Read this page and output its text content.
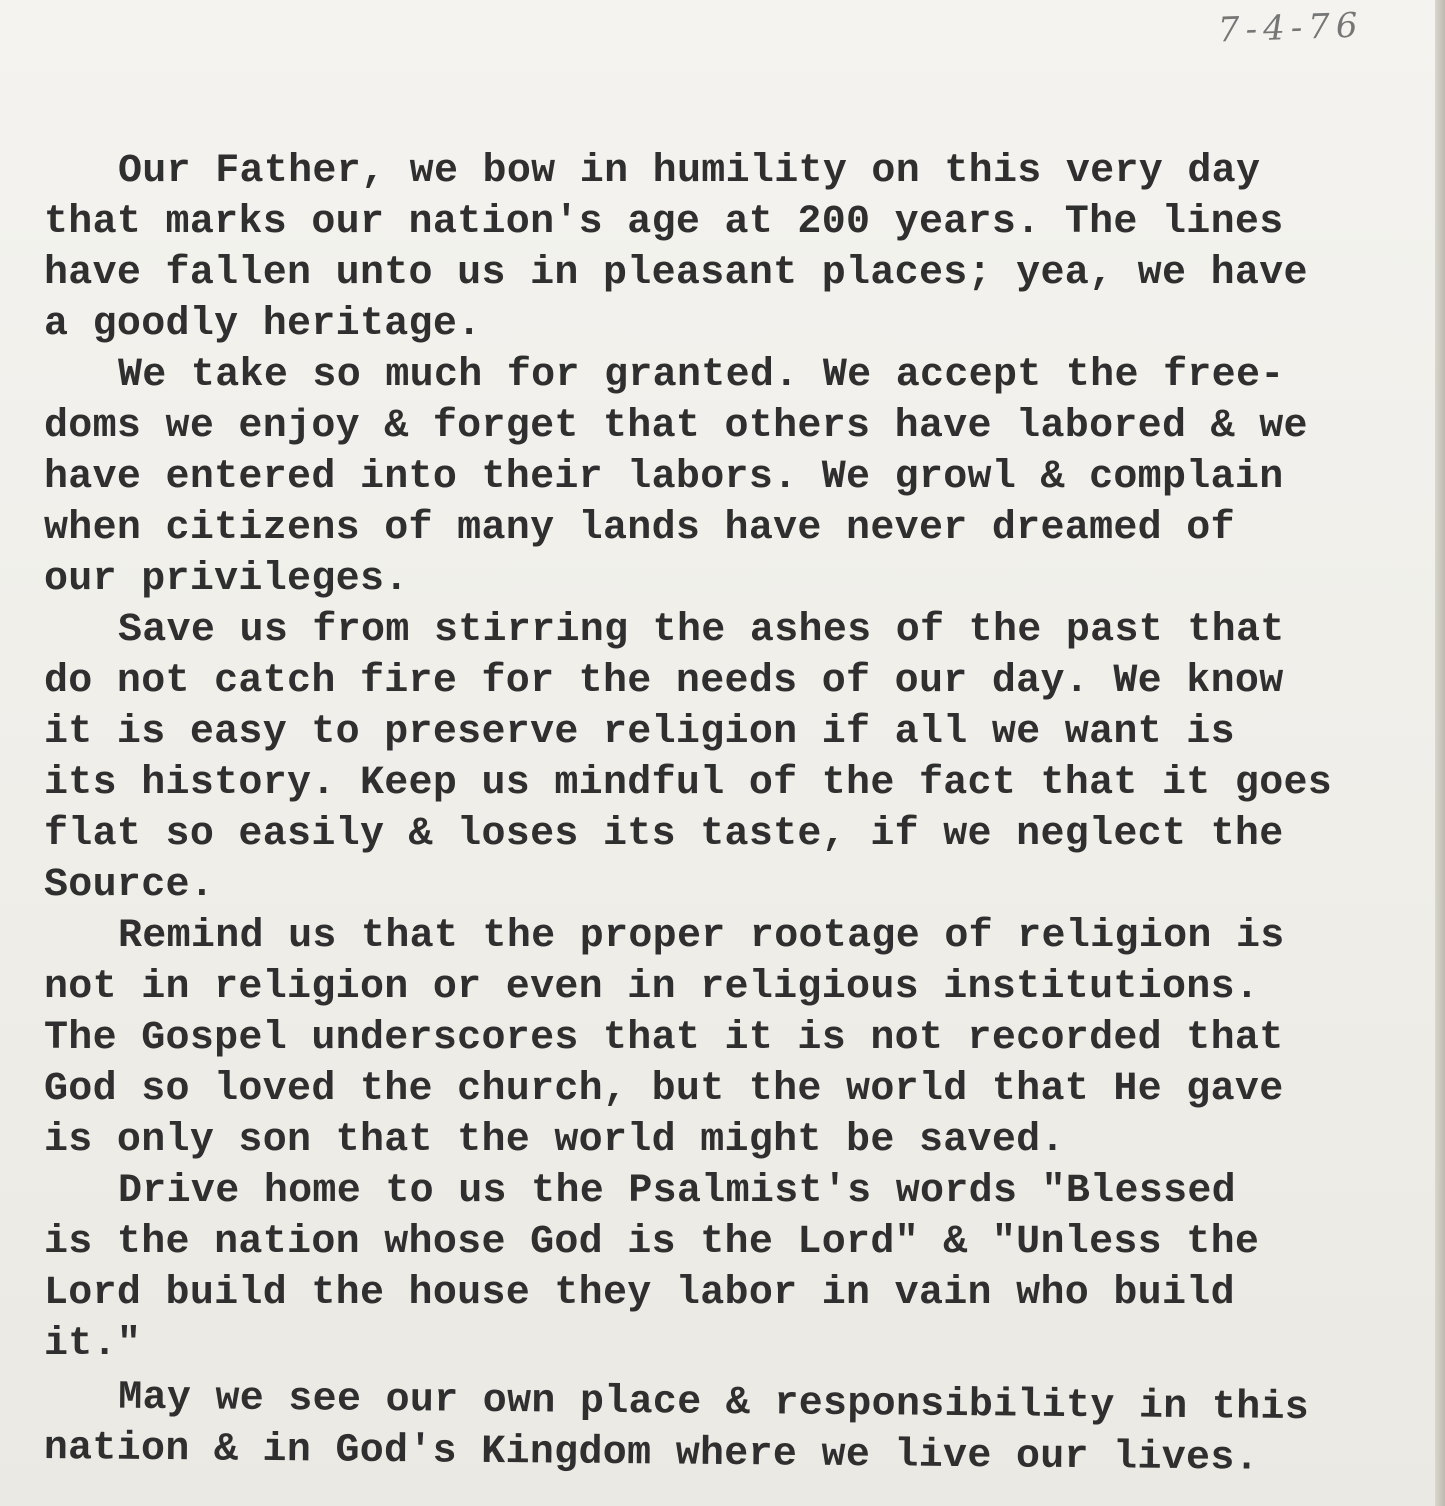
7-4-76

Our Father, we bow in humility on this very day
that marks our nation's age at 200 years. The lines
have fallen unto us in pleasant places; yea, we have
a goodly heritage.

We take so much for granted. We accept the free-
doms we enjoy & forget that others have labored & we
have entered into their labors. We growl & complain
when citizens of many lands have never dreamed of
our privileges.

Save us from stirring the ashes of the past that
do not catch fire for the needs of our day. We know
it is easy to preserve religion if all we want is
its history. Keep us mindful of the fact that it goes
flat so easily & loses its taste, if we neglect the
Source.

Remind us that the proper rootage of religion is
not in religion or even in religious institutions.
The Gospel underscores that it is not recorded that
God so loved the church, but the world that He gave
is only son that the world might be saved.

Drive home to us the Psalmist's words "Blessed
is the nation whose God is the Lord" & "Unless the
Lord build the house they labor in vain who build
it."

May we see our own place & responsibility in this
nation & in God's Kingdom where we live our lives.
